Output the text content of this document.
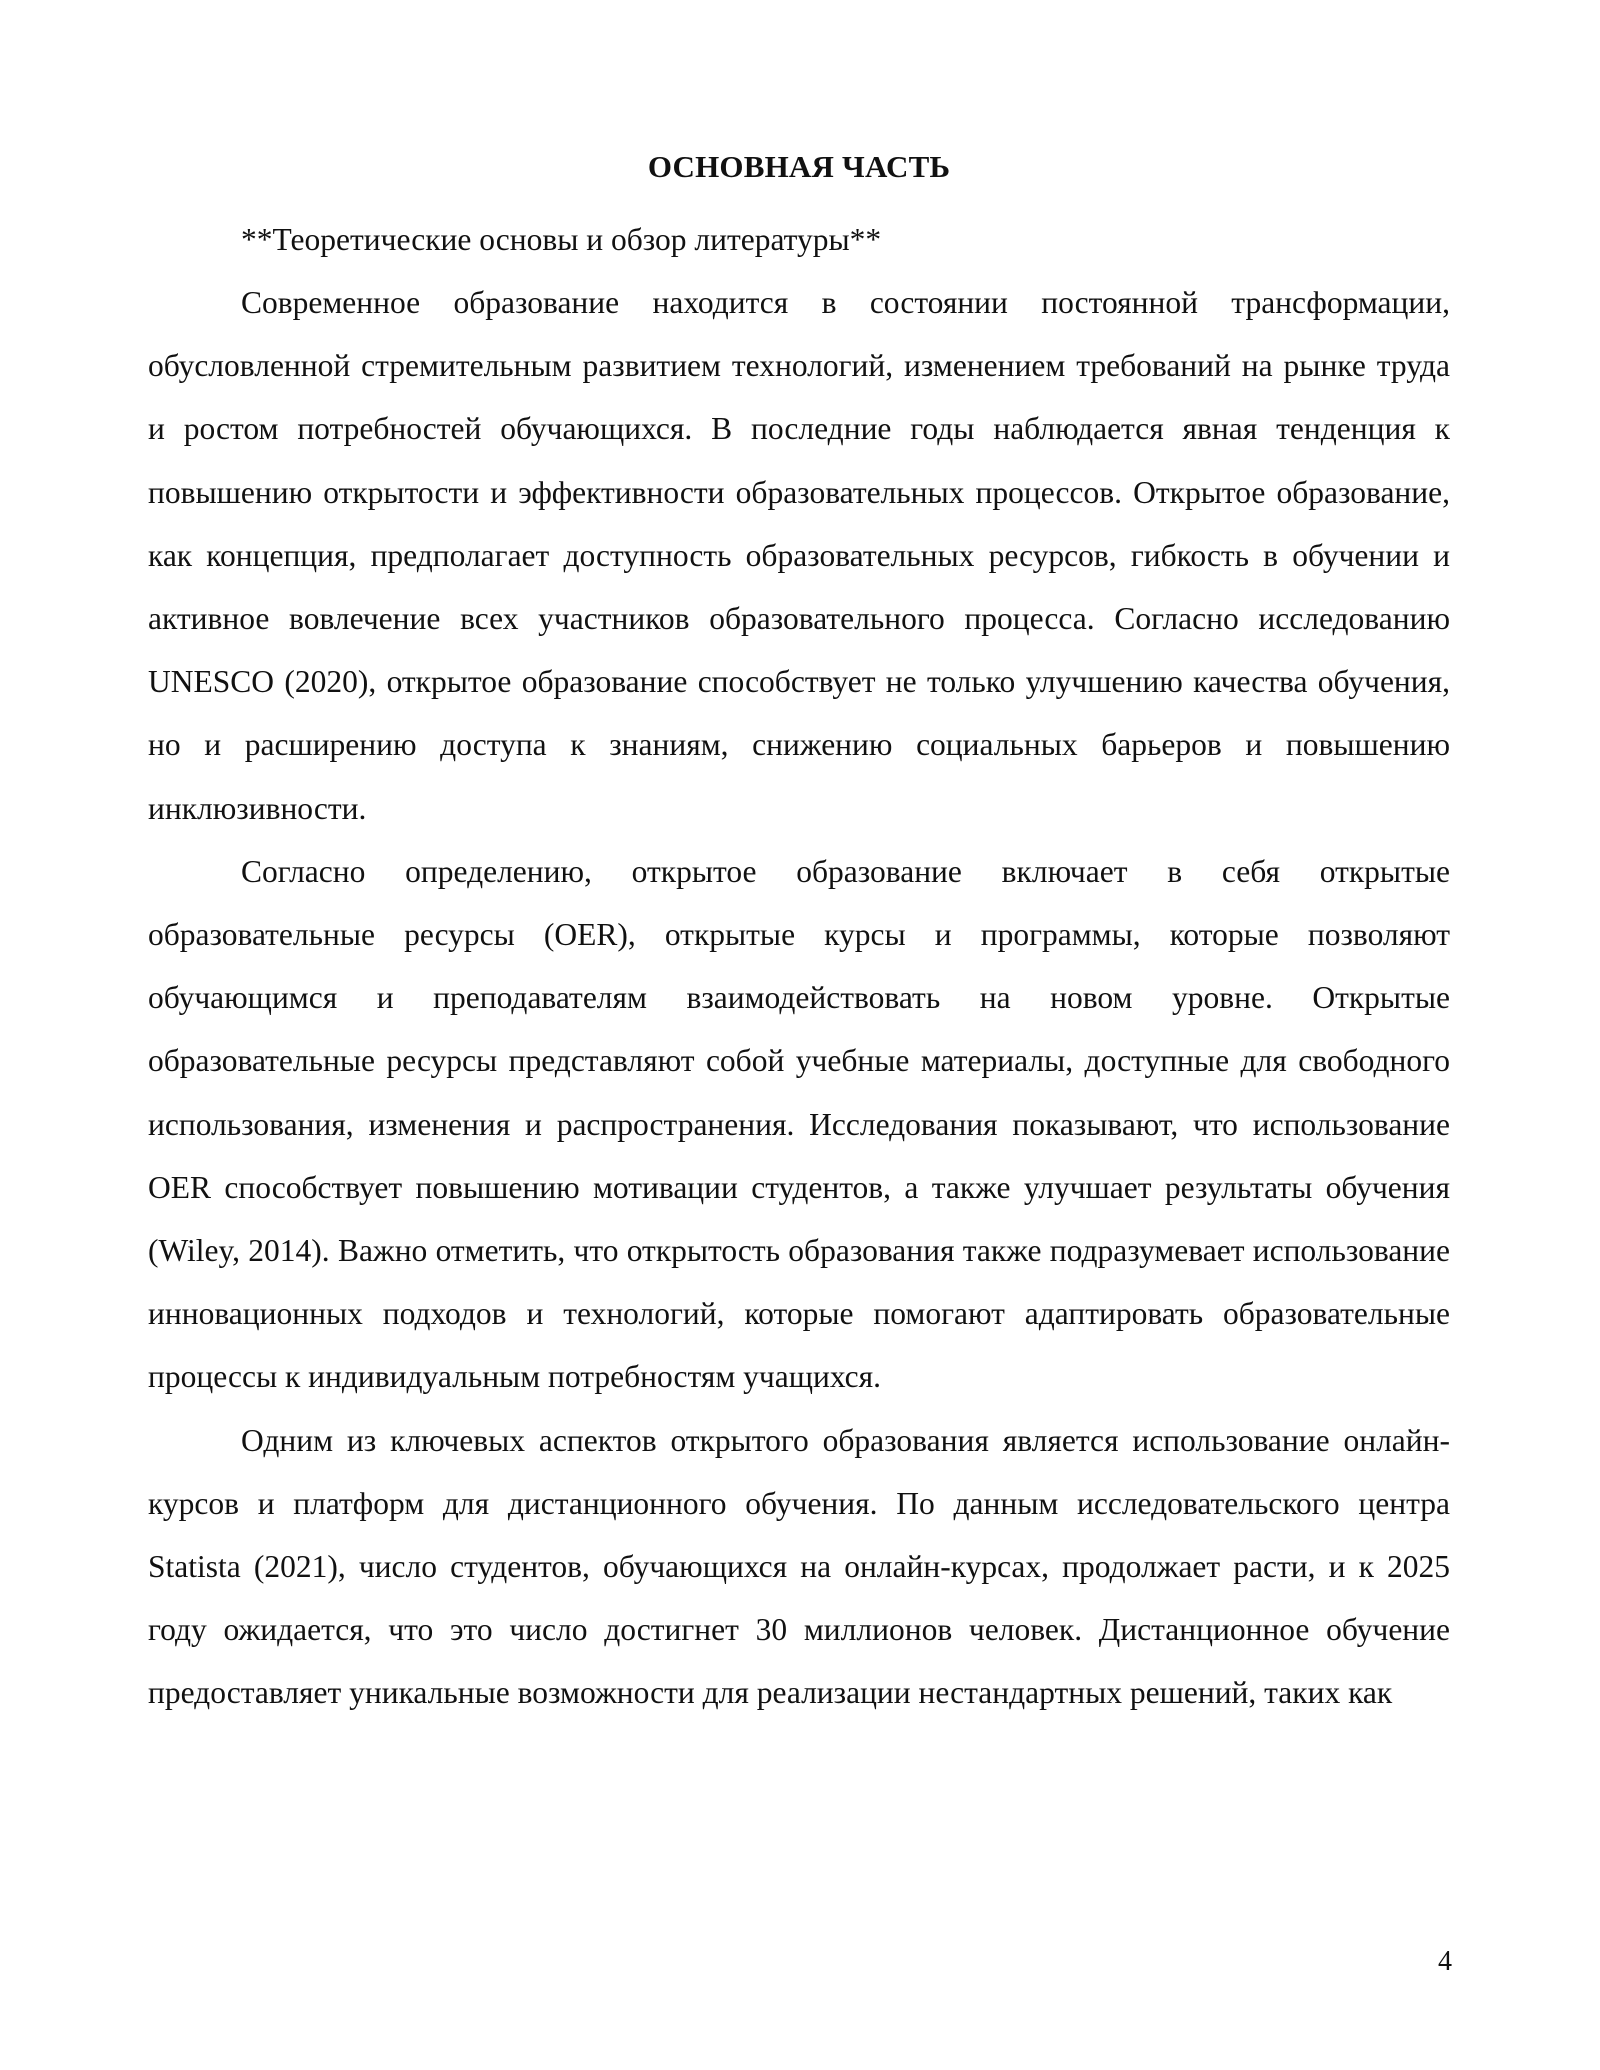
ОСНОВНАЯ ЧАСТЬ

**Теоретические основы и обзор литературы**

Современное образование находится в состоянии постоянной трансформации, обусловленной стремительным развитием технологий, изменением требований на рынке труда и ростом потребностей обучающихся. В последние годы наблюдается явная тенденция к повышению открытости и эффективности образовательных процессов. Открытое образование, как концепция, предполагает доступность образовательных ресурсов, гибкость в обучении и активное вовлечение всех участников образовательного процесса. Согласно исследованию UNESCO (2020), открытое образование способствует не только улучшению качества обучения, но и расширению доступа к знаниям, снижению социальных барьеров и повышению инклюзивности.

Согласно определению, открытое образование включает в себя открытые образовательные ресурсы (OER), открытые курсы и программы, которые позволяют обучающимся и преподавателям взаимодействовать на новом уровне. Открытые образовательные ресурсы представляют собой учебные материалы, доступные для свободного использования, изменения и распространения. Исследования показывают, что использование OER способствует повышению мотивации студентов, а также улучшает результаты обучения (Wiley, 2014). Важно отметить, что открытость образования также подразумевает использование инновационных подходов и технологий, которые помогают адаптировать образовательные процессы к индивидуальным потребностям учащихся.

Одним из ключевых аспектов открытого образования является использование онлайн-курсов и платформ для дистанционного обучения. По данным исследовательского центра Statista (2021), число студентов, обучающихся на онлайн-курсах, продолжает расти, и к 2025 году ожидается, что это число достигнет 30 миллионов человек. Дистанционное обучение предоставляет уникальные возможности для реализации нестандартных решений, таких как

4
